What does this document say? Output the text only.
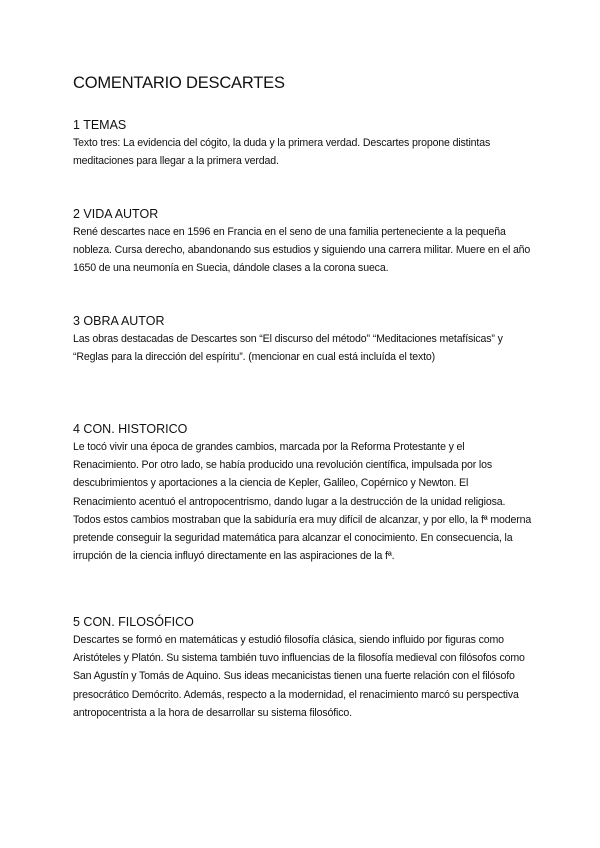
COMENTARIO DESCARTES
1 TEMAS

Texto tres: La evidencia del cógito, la duda y la primera verdad. Descartes propone distintas meditaciones para llegar a la primera verdad.

2 VIDA AUTOR

René descartes nace en 1596 en Francia en el seno de una familia perteneciente a la pequeña nobleza. Cursa derecho, abandonando sus estudios y siguiendo una carrera militar. Muere en el año 1650 de una neumonía en Suecia, dándole clases a la corona sueca.

3 OBRA AUTOR

Las obras destacadas de Descartes son “El discurso del método” “Meditaciones metafísicas” y “Reglas para la dirección del espíritu”. (mencionar en cual está incluída el texto)

4 CON. HISTORICO

Le tocó vivir una época de grandes cambios, marcada por la Reforma Protestante y el Renacimiento. Por otro lado, se había producido una revolución científica, impulsada por los descubrimientos y aportaciones a la ciencia de Kepler, Galileo, Copérnico y Newton. El Renacimiento acentuó el antropocentrismo, dando lugar a la destrucción de la unidad religiosa. Todos estos cambios mostraban que la sabiduría era muy difícil de alcanzar, y por ello, la fª moderna pretende conseguir la seguridad matemática para alcanzar el conocimiento. En consecuencia, la irrupción de la ciencia influyó directamente en las aspiraciones de la fª.

5 CON. FILOSÓFICO

Descartes se formó en matemáticas y estudió filosofía clásica, siendo influido por figuras como Aristóteles y Platón. Su sistema también tuvo influencias de la filosofía medieval con filósofos como San Agustín y Tomás de Aquino. Sus ideas mecanicistas tienen una fuerte relación con el filósofo presocrático Demócrito. Además, respecto a la modernidad, el renacimiento marcó su perspectiva antropocentrista a la hora de desarrollar su sistema filosófico.
